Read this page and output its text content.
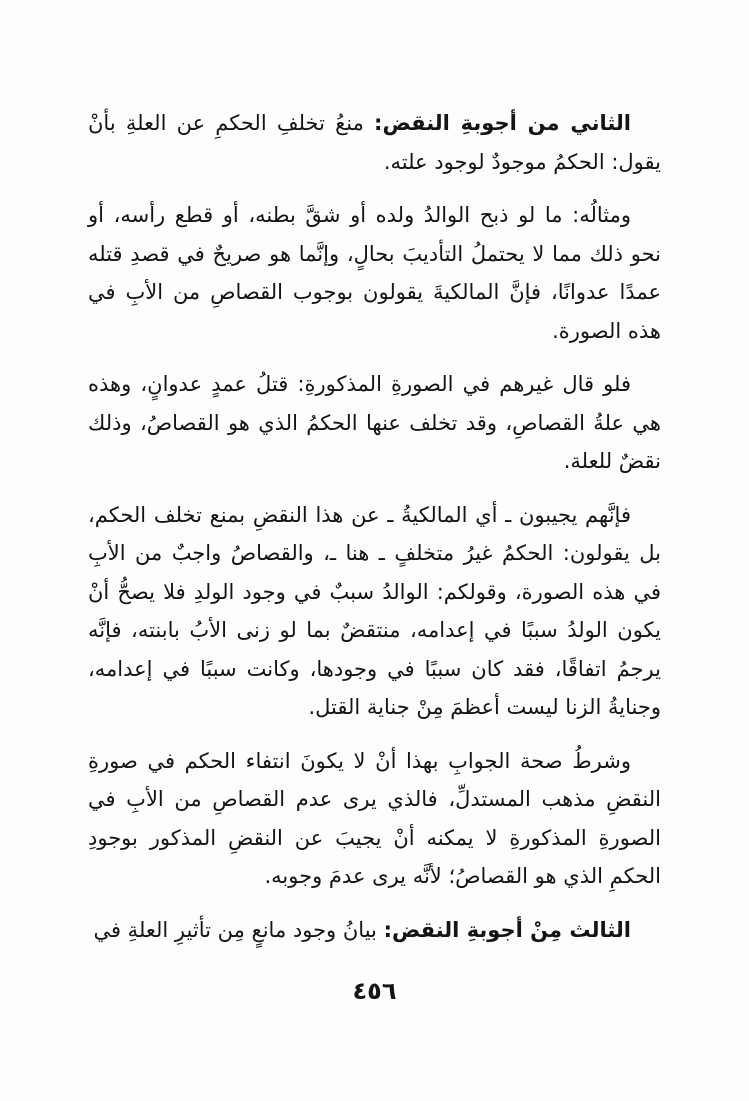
الثاني من أجوبةِ النقض: منعُ تخلفِ الحكمِ عن العلةِ بأنْ يقول: الحكمُ موجودٌ لوجود علته.

ومثالُه: ما لو ذبح الوالدُ ولده أو شقَّ بطنه، أو قطع رأسه، أو نحو ذلك مما لا يحتملُ التأديبَ بحالٍ، وإنَّما هو صريحٌ في قصدِ قتله عمدًا عدوانًا، فإنَّ المالكيةَ يقولون بوجوب القصاصِ من الأبِ في هذه الصورة.

فلو قال غيرهم في الصورةِ المذكورةِ: قتلُ عمدٍ عدوانٍ، وهذه هي علةُ القصاصِ، وقد تخلف عنها الحكمُ الذي هو القصاصُ، وذلك نقضٌ للعلة.

فإنَّهم يجيبون ـ أي المالكيةُ ـ عن هذا النقضِ بمنع تخلف الحكم، بل يقولون: الحكمُ غيرُ متخلفٍ ـ هنا ـ، والقصاصُ واجبٌ من الأبِ في هذه الصورة، وقولكم: الوالدُ سببٌ في وجود الولدِ فلا يصحُّ أنْ يكون الولدُ سببًا في إعدامه، منتقضٌ بما لو زنى الأبُ بابنته، فإنَّه يرجمُ اتفاقًا، فقد كان سببًا في وجودها، وكانت سببًا في إعدامه، وجنايةُ الزنا ليست أعظمَ مِنْ جناية القتل.

وشرطُ صحة الجوابِ بهذا أنْ لا يكونَ انتفاء الحكم في صورةِ النقضِ مذهب المستدلِّ، فالذي يرى عدم القصاصِ من الأبِ في الصورةِ المذكورةِ لا يمكنه أنْ يجيبَ عن النقضِ المذكور بوجودِ الحكمِ الذي هو القصاصُ؛ لأنَّه يرى عدمَ وجوبه.

الثالث مِنْ أجوبةِ النقض: بيانُ وجود مانعٍ مِن تأثيرِ العلةِ في

٤٥٦
